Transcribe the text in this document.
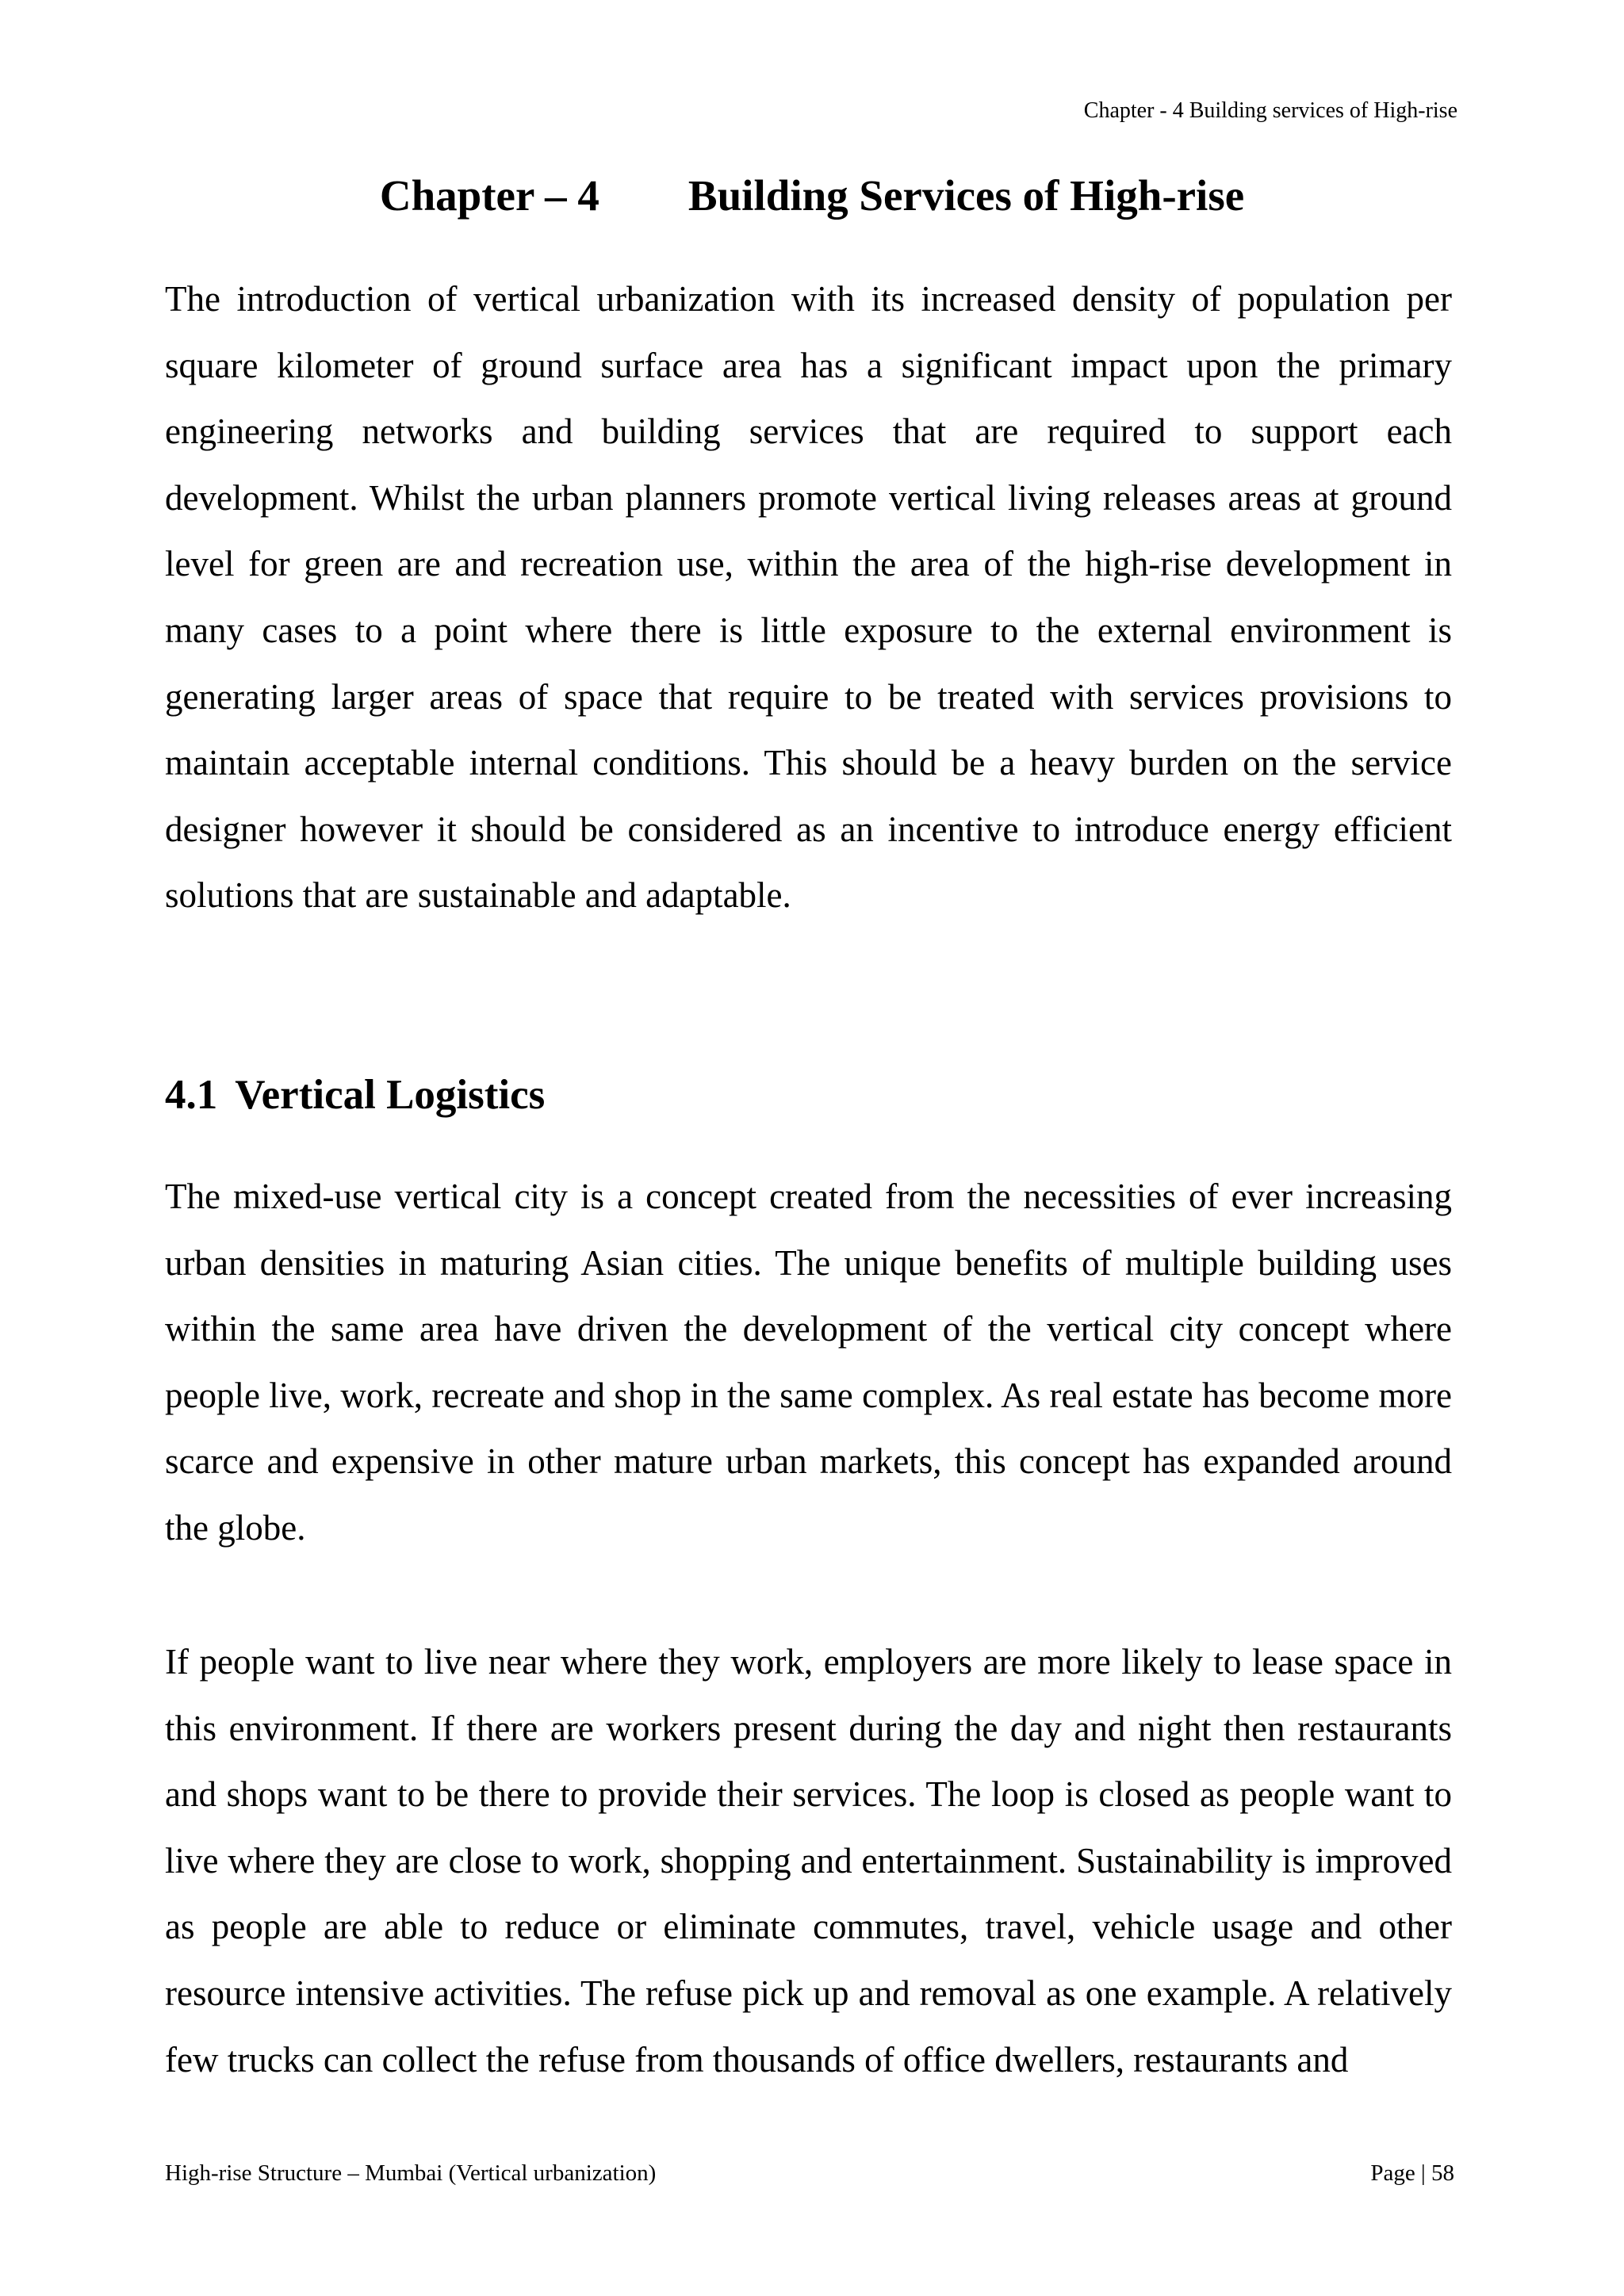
Chapter - 4 Building services of High-rise
Chapter – 4 Building Services of High-rise

The introduction of vertical urbanization with its increased density of population per square kilometer of ground surface area has a significant impact upon the primary engineering networks and building services that are required to support each development. Whilst the urban planners promote vertical living releases areas at ground level for green are and recreation use, within the area of the high-rise development in many cases to a point where there is little exposure to the external environment is generating larger areas of space that require to be treated with services provisions to maintain acceptable internal conditions. This should be a heavy burden on the service designer however it should be considered as an incentive to introduce energy efficient solutions that are sustainable and adaptable.

4.1 Vertical Logistics

The mixed-use vertical city is a concept created from the necessities of ever increasing urban densities in maturing Asian cities. The unique benefits of multiple building uses within the same area have driven the development of the vertical city concept where people live, work, recreate and shop in the same complex. As real estate has become more scarce and expensive in other mature urban markets, this concept has expanded around the globe.

If people want to live near where they work, employers are more likely to lease space in this environment. If there are workers present during the day and night then restaurants and shops want to be there to provide their services. The loop is closed as people want to live where they are close to work, shopping and entertainment. Sustainability is improved as people are able to reduce or eliminate commutes, travel, vehicle usage and other resource intensive activities. The refuse pick up and removal as one example. A relatively few trucks can collect the refuse from thousands of office dwellers, restaurants and

High-rise Structure – Mumbai (Vertical urbanization)	Page | 58
